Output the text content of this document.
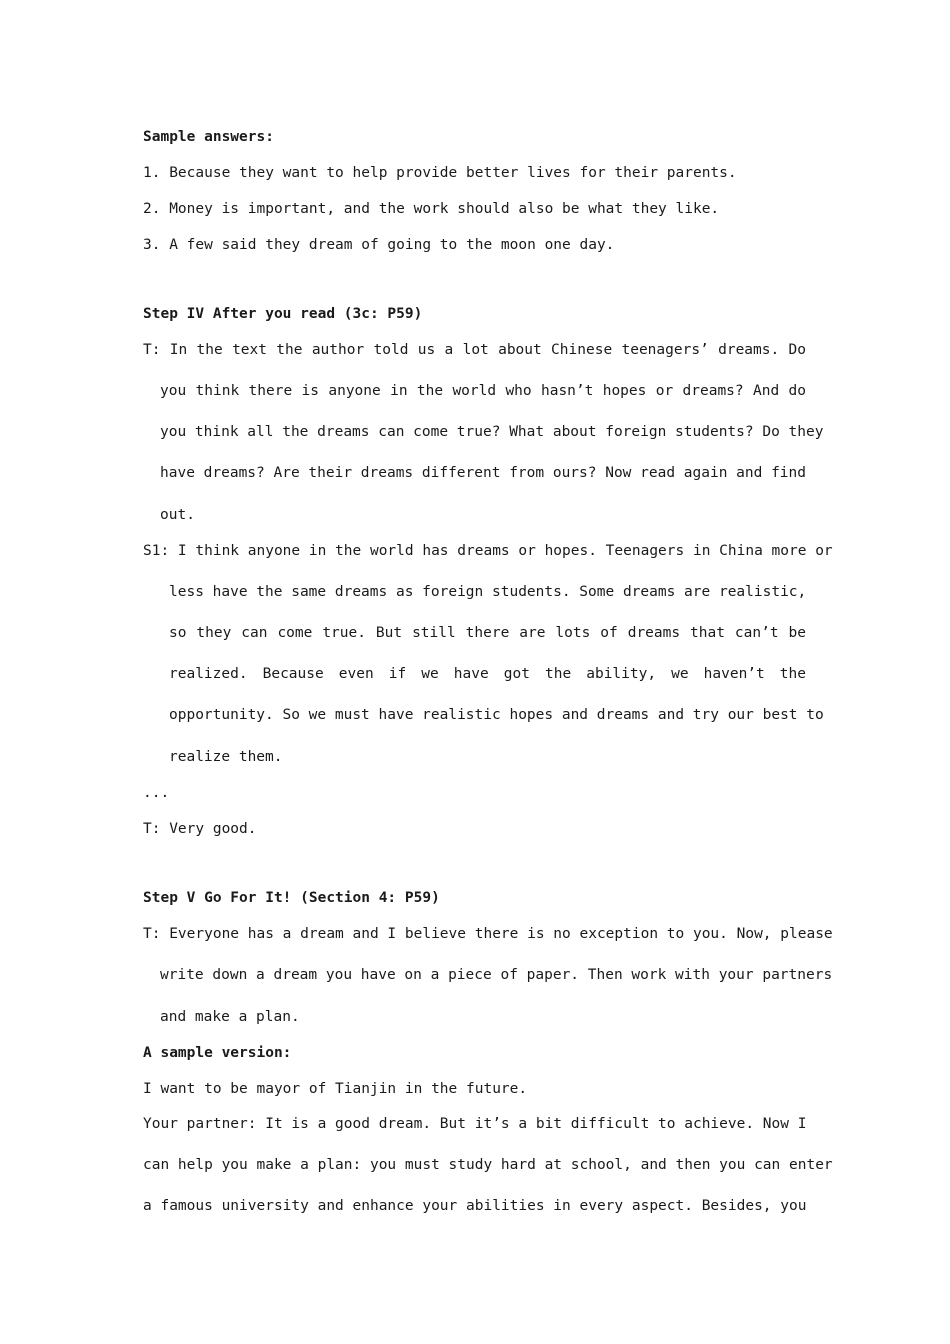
Sample answers:
1. Because they want to help provide better lives for their parents.
2. Money is important, and the work should also be what they like.
3. A few said they dream of going to the moon one day.
Step IV After you read (3c: P59)
T: In the text the author told us a lot about Chinese teenagers’ dreams. Do
you think there is anyone in the world who hasn’t hopes or dreams? And do
you think all the dreams can come true? What about foreign students? Do they
have dreams? Are their dreams different from ours? Now read again and find
out.
S1: I think anyone in the world has dreams or hopes. Teenagers in China more or
less have the same dreams as foreign students. Some dreams are realistic,
so they can come true. But still there are lots of dreams that can’t be
realized. Because even if we have got the ability, we haven’t the
opportunity. So we must have realistic hopes and dreams and try our best to
realize them.
...
T: Very good.
Step V Go For It! (Section 4: P59)
T: Everyone has a dream and I believe there is no exception to you. Now, please
write down a dream you have on a piece of paper. Then work with your partners
and make a plan.
A sample version:
I want to be mayor of Tianjin in the future.
Your partner: It is a good dream. But it’s a bit difficult to achieve. Now I
can help you make a plan: you must study hard at school, and then you can enter
a famous university and enhance your abilities in every aspect. Besides, you
